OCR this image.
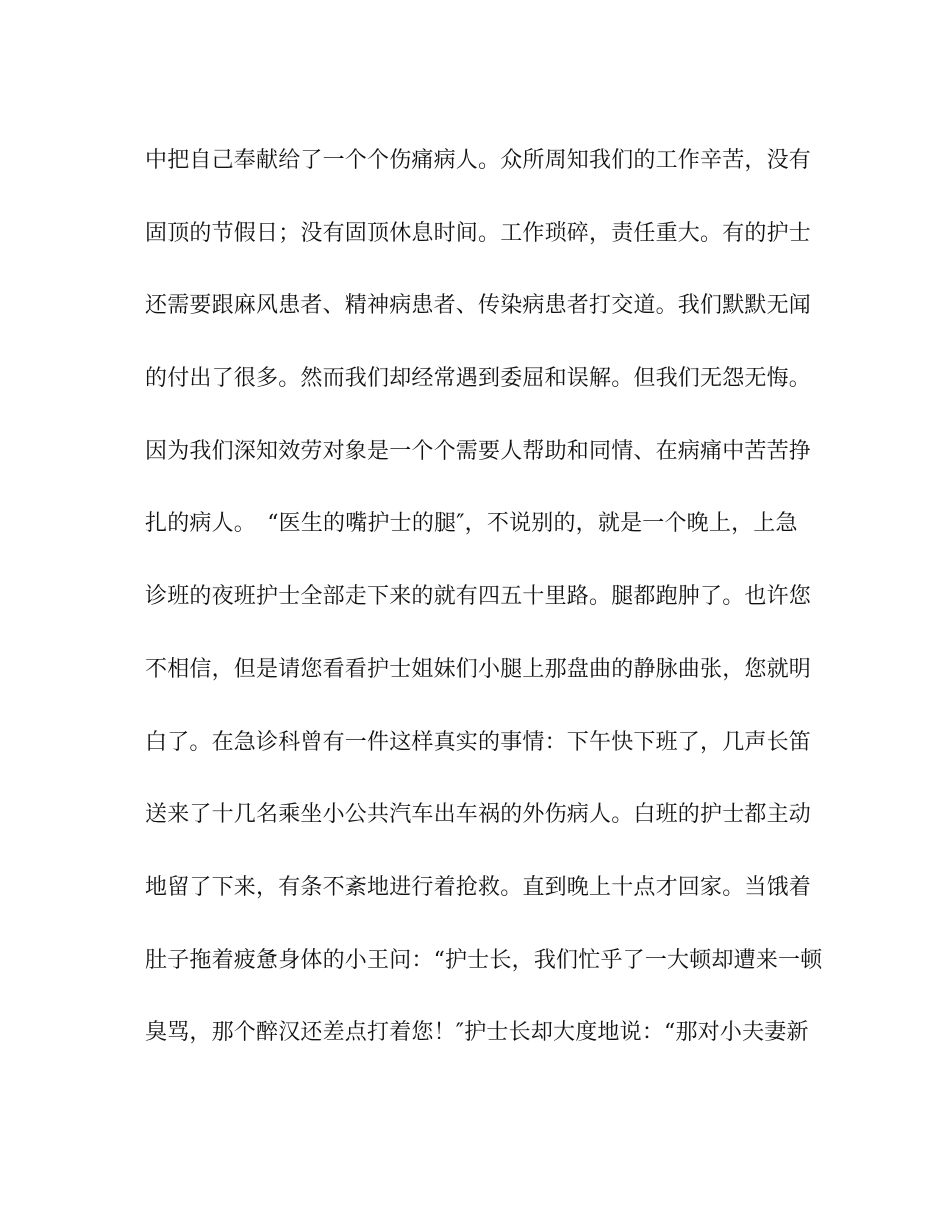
中把自己奉献给了一个个伤痛病人。众所周知我们的工作辛苦，没有
固顶的节假日；没有固顶休息时间。工作琐碎，责任重大。有的护士
还需要跟麻风患者、精神病患者、传染病患者打交道。我们默默无闻
的付出了很多。然而我们却经常遇到委屈和误解。但我们无怨无悔。
因为我们深知效劳对象是一个个需要人帮助和同情、在病痛中苦苦挣
扎的病人。　“医生的嘴护士的腿″，不说别的，就是一个晚上，上急
诊班的夜班护士全部走下来的就有四五十里路。腿都跑肿了。也许您
不相信，但是请您看看护士姐妹们小腿上那盘曲的静脉曲张，您就明
白了。在急诊科曾有一件这样真实的事情：下午快下班了，几声长笛
送来了十几名乘坐小公共汽车出车祸的外伤病人。白班的护士都主动
地留了下来，有条不紊地进行着抢救。直到晚上十点才回家。当饿着
肚子拖着疲惫身体的小王问：“护士长，我们忙乎了一大顿却遭来一顿
臭骂，那个醉汉还差点打着您！″护士长却大度地说：“那对小夫妻新
